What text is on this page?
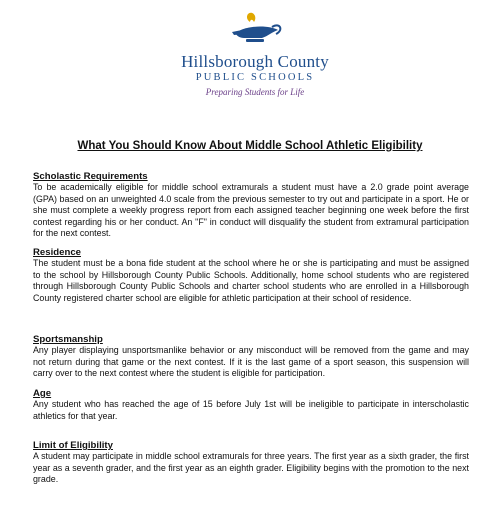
Hillsborough County
PUBLIC SCHOOLS
Preparing Students for Life
What You Should Know About Middle School Athletic Eligibility
Scholastic Requirements

To be academically eligible for middle school extramurals a student must have a 2.0 grade point average (GPA) based on an unweighted 4.0 scale from the previous semester to try out and participate in a sport. He or she must complete a weekly progress report from each assigned teacher beginning one week before the first contest regarding his or her conduct. An "F" in conduct will disqualify the student from extramural participation for the next contest.

Residence

The student must be a bona fide student at the school where he or she is participating and must be assigned to the school by Hillsborough County Public Schools. Additionally, home school students who are registered through Hillsborough County Public Schools and charter school students who are enrolled in a Hillsborough County registered charter school are eligible for athletic participation at their school of residence.

Sportsmanship

Any player displaying unsportsmanlike behavior or any misconduct will be removed from the game and may not return during that game or the next contest. If it is the last game of a sport season, this suspension will carry over to the next contest where the student is eligible for participation.

Age

Any student who has reached the age of 15 before July 1st will be ineligible to participate in interscholastic athletics for that year.

Limit of Eligibility

A student may participate in middle school extramurals for three years. The first year as a sixth grader, the first year as a seventh grader, and the first year as an eighth grader. Eligibility begins with the promotion to the next grade.
